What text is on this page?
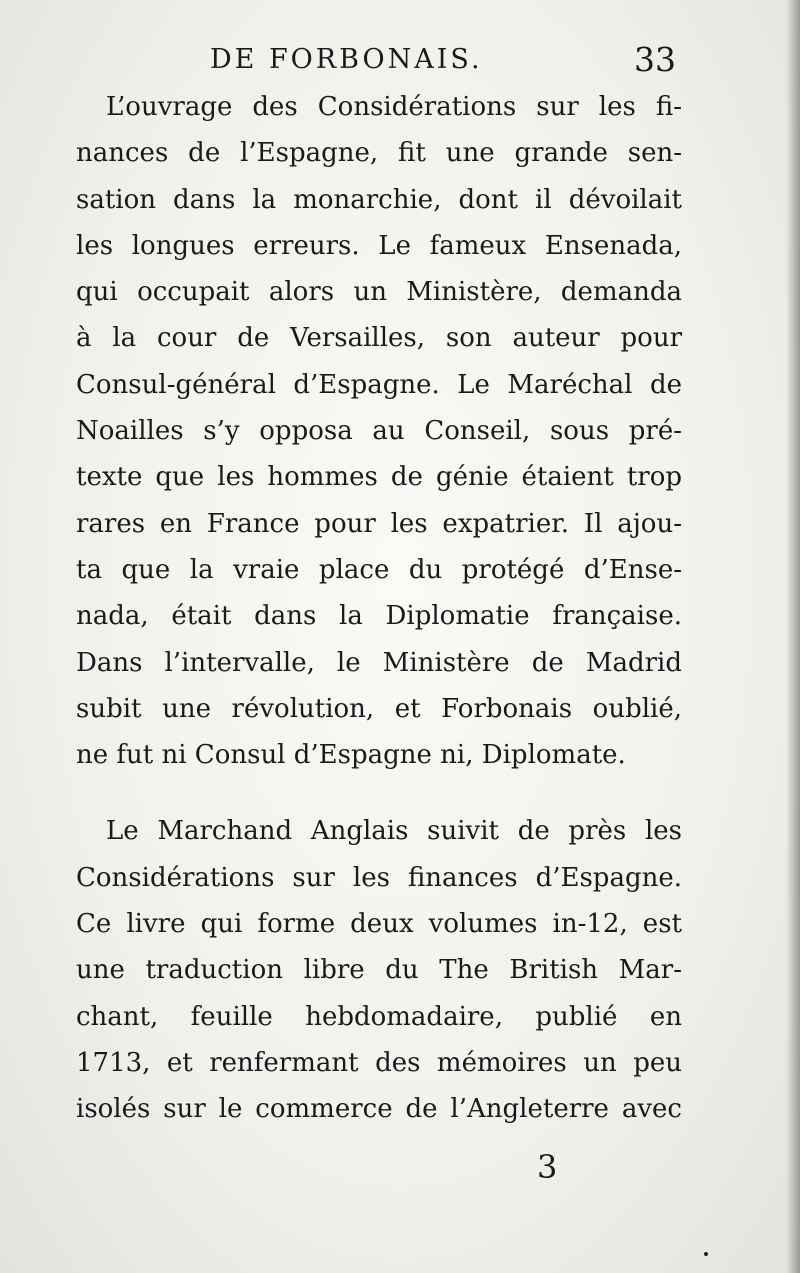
DE FORBONAIS.	33
L’ouvrage des Considérations sur les fi-
nances de l’Espagne, fit une grande sen-
sation dans la monarchie, dont il dévoilait
les longues erreurs. Le fameux Ensenada,
qui occupait alors un Ministère, demanda
à la cour de Versailles, son auteur pour
Consul-général d’Espagne. Le Maréchal de
Noailles s’y opposa au Conseil, sous pré-
texte que les hommes de génie étaient trop
rares en France pour les expatrier. Il ajou-
ta que la vraie place du protégé d’Ense-
nada, était dans la Diplomatie française.
Dans l’intervalle, le Ministère de Madrid
subit une révolution, et Forbonais oublié,
ne fut ni Consul d’Espagne ni, Diplomate.
Le Marchand Anglais suivit de près les
Considérations sur les finances d’Espagne.
Ce livre qui forme deux volumes in-12, est
une traduction libre du The British Mar-
chant, feuille hebdomadaire, publié en
1713, et renfermant des mémoires un peu
isolés sur le commerce de l’Angleterre avec
3
